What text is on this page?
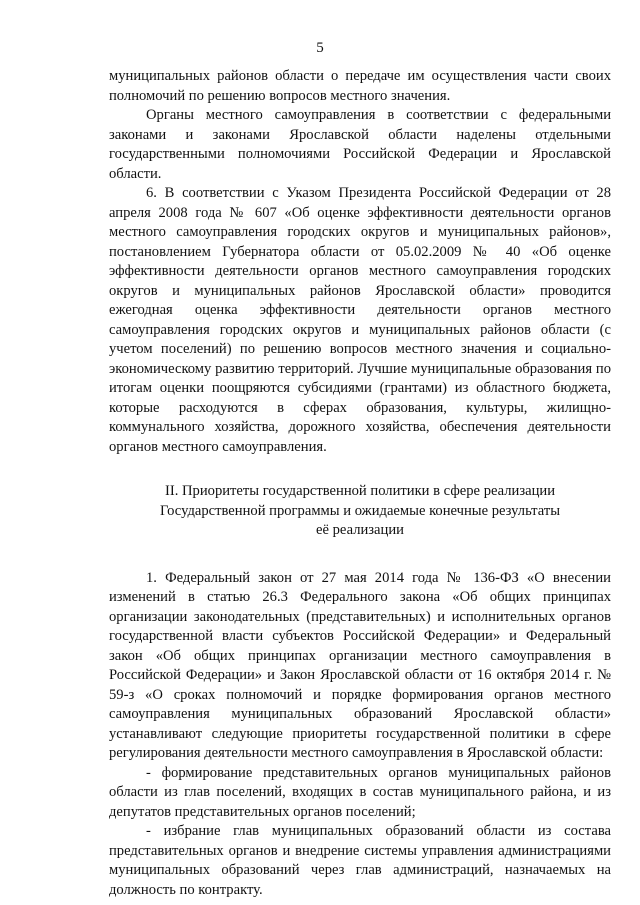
5

муниципальных районов области о передаче им осуществления части своих полномочий по решению вопросов местного значения.

Органы местного самоуправления в соответствии с федеральными законами и законами Ярославской области наделены отдельными государственными полномочиями Российской Федерации и Ярославской области.

6. В соответствии с Указом Президента Российской Федерации от 28 апреля 2008 года № 607 «Об оценке эффективности деятельности органов местного самоуправления городских округов и муниципальных районов», постановлением Губернатора области от 05.02.2009 № 40 «Об оценке эффективности деятельности органов местного самоуправления городских округов и муниципальных районов Ярославской области» проводится ежегодная оценка эффективности деятельности органов местного самоуправления городских округов и муниципальных районов области (с учетом поселений) по решению вопросов местного значения и социально-экономическому развитию территорий. Лучшие муниципальные образования по итогам оценки поощряются субсидиями (грантами) из областного бюджета, которые расходуются в сферах образования, культуры, жилищно-коммунального хозяйства, дорожного хозяйства, обеспечения деятельности органов местного самоуправления.

II. Приоритеты государственной политики в сфере реализации
Государственной программы и ожидаемые конечные результаты
её реализации

1. Федеральный закон от 27 мая 2014 года № 136-ФЗ «О внесении изменений в статью 26.3 Федерального закона «Об общих принципах организации законодательных (представительных) и исполнительных органов государственной власти субъектов Российской Федерации» и Федеральный закон «Об общих принципах организации местного самоуправления в Российской Федерации» и Закон Ярославской области от 16 октября 2014 г. № 59-з «О сроках полномочий и порядке формирования органов местного самоуправления муниципальных образований Ярославской области» устанавливают следующие приоритеты государственной политики в сфере регулирования деятельности местного самоуправления в Ярославской области:

- формирование представительных органов муниципальных районов области из глав поселений, входящих в состав муниципального района, и из депутатов представительных органов поселений;

- избрание глав муниципальных образований области из состава представительных органов и внедрение системы управления администрациями муниципальных образований через глав администраций, назначаемых на должность по контракту.
